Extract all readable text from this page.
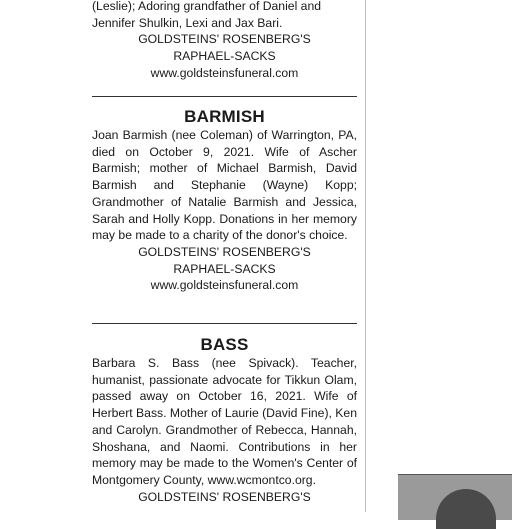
(Leslie); Adoring grandfather of Daniel and

Jennifer Shulkin, Lexi and Jax Bari.

GOLDSTEINS' ROSENBERG'S

RAPHAEL-SACKS

www.goldsteinsfuneral.com

BARMISH

Joan Barmish (nee Coleman) of Warrington, PA, died on October 9, 2021. Wife of Ascher Barmish; mother of Michael Barmish, David Barmish and Stephanie (Wayne) Kopp; Grandmother of Natalie Barmish and Jessica, Sarah and Holly Kopp. Donations in her memory may be made to a charity of the donor's choice.

GOLDSTEINS' ROSENBERG'S

RAPHAEL-SACKS

www.goldsteinsfuneral.com

BASS

Barbara S. Bass (nee Spivack). Teacher, humanist, passionate advocate for Tikkun Olam, passed away on October 16, 2021. Wife of Herbert Bass. Mother of Laurie (David Fine), Ken and Carolyn. Grandmother of Rebecca, Hannah, Shoshana, and Naomi. Contributions in her memory may be made to the Women's Center of Montgomery County, www.wcmontco.org.

GOLDSTEINS' ROSENBERG'S
